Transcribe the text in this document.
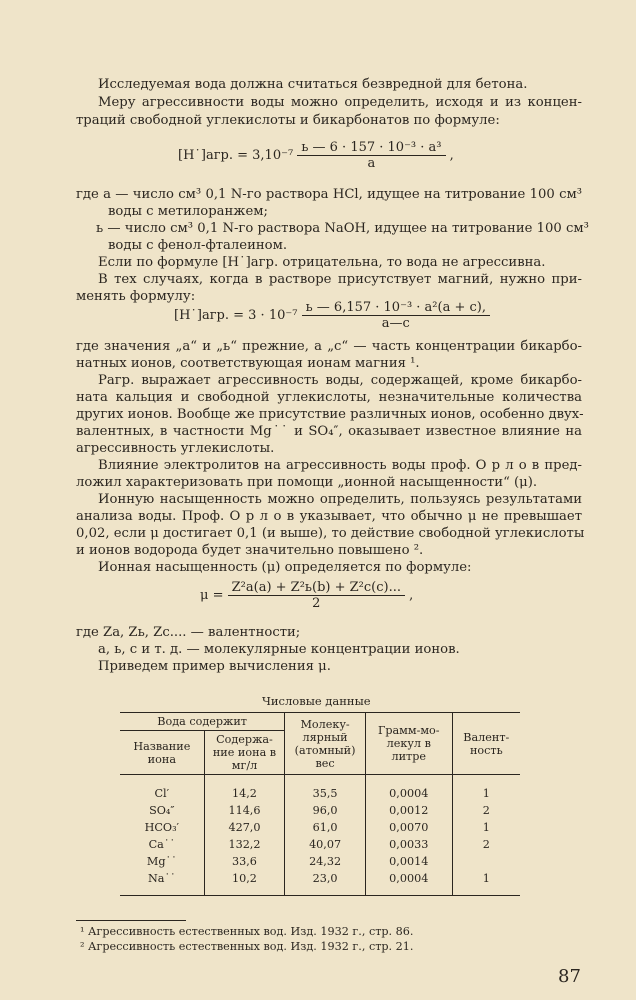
Исследуемая вода должна считаться безвредной для бетона.
Меру агрессивности воды можно определить, исходя и из концен-
траций свободной углекислоты и бикарбонатов по формуле:
[H˙]агр. = $3,10^{-7} \frac{\text{ь — 6 · 157 · 10⁻³ · a³}}{a}$ ,
где а — число см³ 0,1 N-го раствора HCl, идущее на титрование 100 см³
воды с метилоранжем;
ь — число см³ 0,1 N-го раствора NaOH, идущее на титрование 100 см³
воды с фенол-фталеином.
Если по формуле [H˙]агр. отрицательна, то вода не агрессивна.
В тех случаях, когда в растворе присутствует магний, нужно при-
менять формулу:
[H˙]агр. = $3 \cdot 10^{-7} \frac{\text{ь — 6,157 · 10⁻³ · a²(a + c),}}{a—c}$
где значения „a“ и „ь“ прежние, а „c“ — часть концентрации бикарбо-
натных ионов, соответствующая ионам магния ¹.
Pагр. выражает агрессивность воды, содержащей, кроме бикарбо-
ната кальция и свободной углекислоты, незначительные количества
других ионов. Вообще же присутствие различных ионов, особенно двух-
валентных, в частности Mg˙˙ и SO₄″, оказывает известное влияние на
агрессивность углекислоты.
Влияние электролитов на агрессивность воды проф. О р л о в пред-
ложил характеризовать при помощи „ионной насыщенности“ (μ).
Ионную насыщенность можно определить, пользуясь результатами
анализа воды. Проф. О р л о в указывает, что обычно μ не превышает
0,02, если μ достигает 0,1 (и выше), то действие свободной углекислоты
и ионов водорода будет значительно повышено ².
Ионная насыщенность (μ) определяется по формуле:
$\mu = \frac{\text{Z²a(a) + Z²ь(b) + Z²c(c)...}}{2}$ ,
где Zа, Zь, Zс.... — валентности;
а, ь, с и т. д. — молекулярные концентрации ионов.
Приведем пример вычисления μ.
Числовые данные
Вода содержит		Молеку-лярный (атомный) вес	Грамм-мо-лекул в литре	Валент-ность
Название иона	Содержа-ние иона в мг/л			
Cl′	14,2	35,5	0,0004	1
SO₄″	114,6	96,0	0,0012	2
HCO₃′	427,0	61,0	0,0070	1
Ca˙˙	132,2	40,07	0,0033	2
Mg˙˙	33,6	24,32	0,0014	
Na˙˙	10,2	23,0	0,0004	1
¹ Агрессивность естественных вод. Изд. 1932 г., стр. 86.
² Агрессивность естественных вод. Изд. 1932 г., стр. 21.
87
